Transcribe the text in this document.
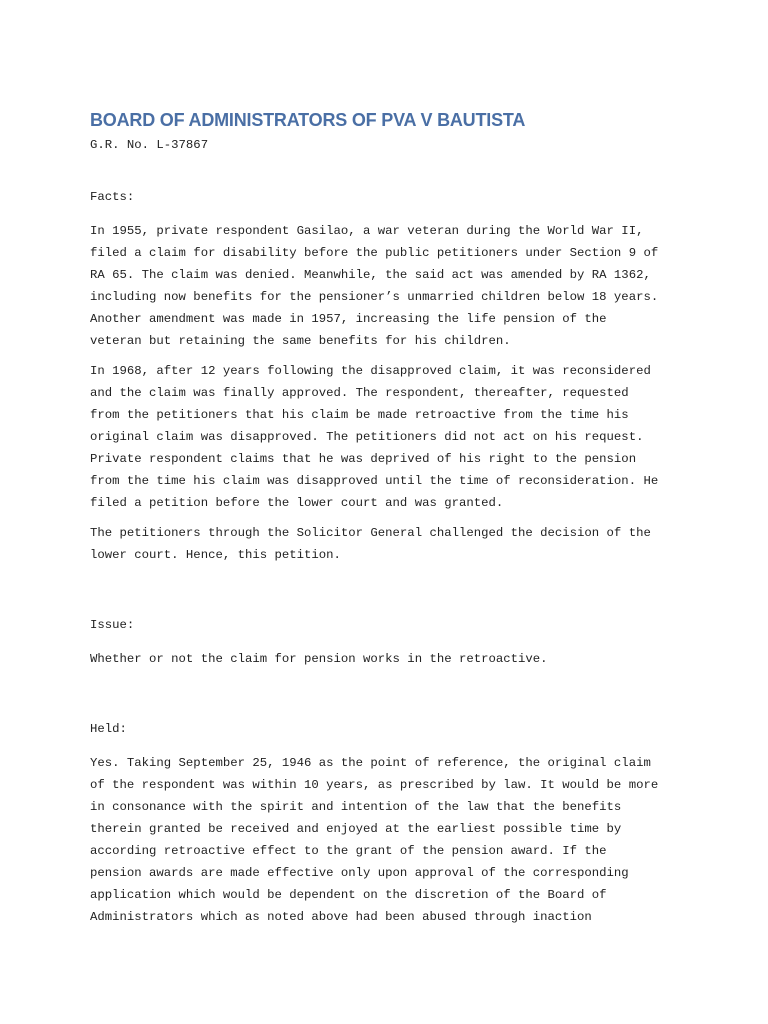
BOARD OF ADMINISTRATORS OF PVA V BAUTISTA
G.R. No. L-37867
Facts:

In 1955, private respondent Gasilao, a war veteran during the World War II,
filed a claim for disability before the public petitioners under Section 9 of
RA 65. The claim was denied. Meanwhile, the said act was amended by RA 1362,
including now benefits for the pensioner’s unmarried children below 18 years.
Another amendment was made in 1957, increasing the life pension of the
veteran but retaining the same benefits for his children.

In 1968, after 12 years following the disapproved claim, it was reconsidered
and the claim was finally approved. The respondent, thereafter, requested
from the petitioners that his claim be made retroactive from the time his
original claim was disapproved. The petitioners did not act on his request.
Private respondent claims that he was deprived of his right to the pension
from the time his claim was disapproved until the time of reconsideration. He
filed a petition before the lower court and was granted.

The petitioners through the Solicitor General challenged the decision of the
lower court. Hence, this petition.

Issue:

Whether or not the claim for pension works in the retroactive.

Held:

Yes. Taking September 25, 1946 as the point of reference, the original claim
of the respondent was within 10 years, as prescribed by law. It would be more
in consonance with the spirit and intention of the law that the benefits
therein granted be received and enjoyed at the earliest possible time by
according retroactive effect to the grant of the pension award. If the
pension awards are made effective only upon approval of the corresponding
application which would be dependent on the discretion of the Board of
Administrators which as noted above had been abused through inaction
